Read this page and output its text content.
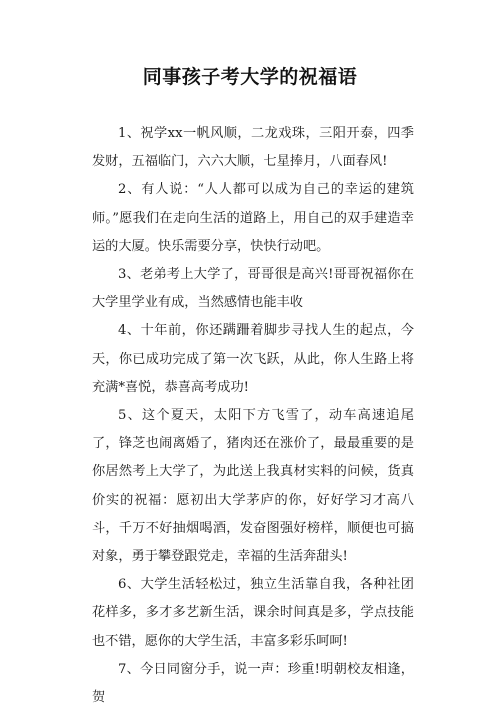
同事孩子考大学的祝福语

1、祝学xx一帆风顺，二龙戏珠，三阳开泰，四季发财，五福临门，六六大顺，七星捧月，八面春风!

2、有人说：“人人都可以成为自己的幸运的建筑师。”愿我们在走向生活的道路上，用自己的双手建造幸运的大厦。快乐需要分享，快快行动吧。

3、老弟考上大学了，哥哥很是高兴!哥哥祝福你在大学里学业有成，当然感情也能丰收

4、十年前，你还蹒跚着脚步寻找人生的起点，今天，你已成功完成了第一次飞跃，从此，你人生路上将充满*喜悦，恭喜高考成功!

5、这个夏天，太阳下方飞雪了，动车高速追尾了，锋芝也闹离婚了，猪肉还在涨价了，最最重要的是你居然考上大学了，为此送上我真材实料的问候，货真价实的祝福：愿初出大学茅庐的你，好好学习才高八斗，千万不好抽烟喝酒，发奋图强好榜样，顺便也可搞对象，勇于攀登跟党走，幸福的生活奔甜头!

6、大学生活轻松过，独立生活靠自我，各种社团花样多，多才多艺新生活，课余时间真是多，学点技能也不错，愿你的大学生活，丰富多彩乐呵呵!

7、今日同窗分手，说一声：珍重!明朝校友相逢，贺
